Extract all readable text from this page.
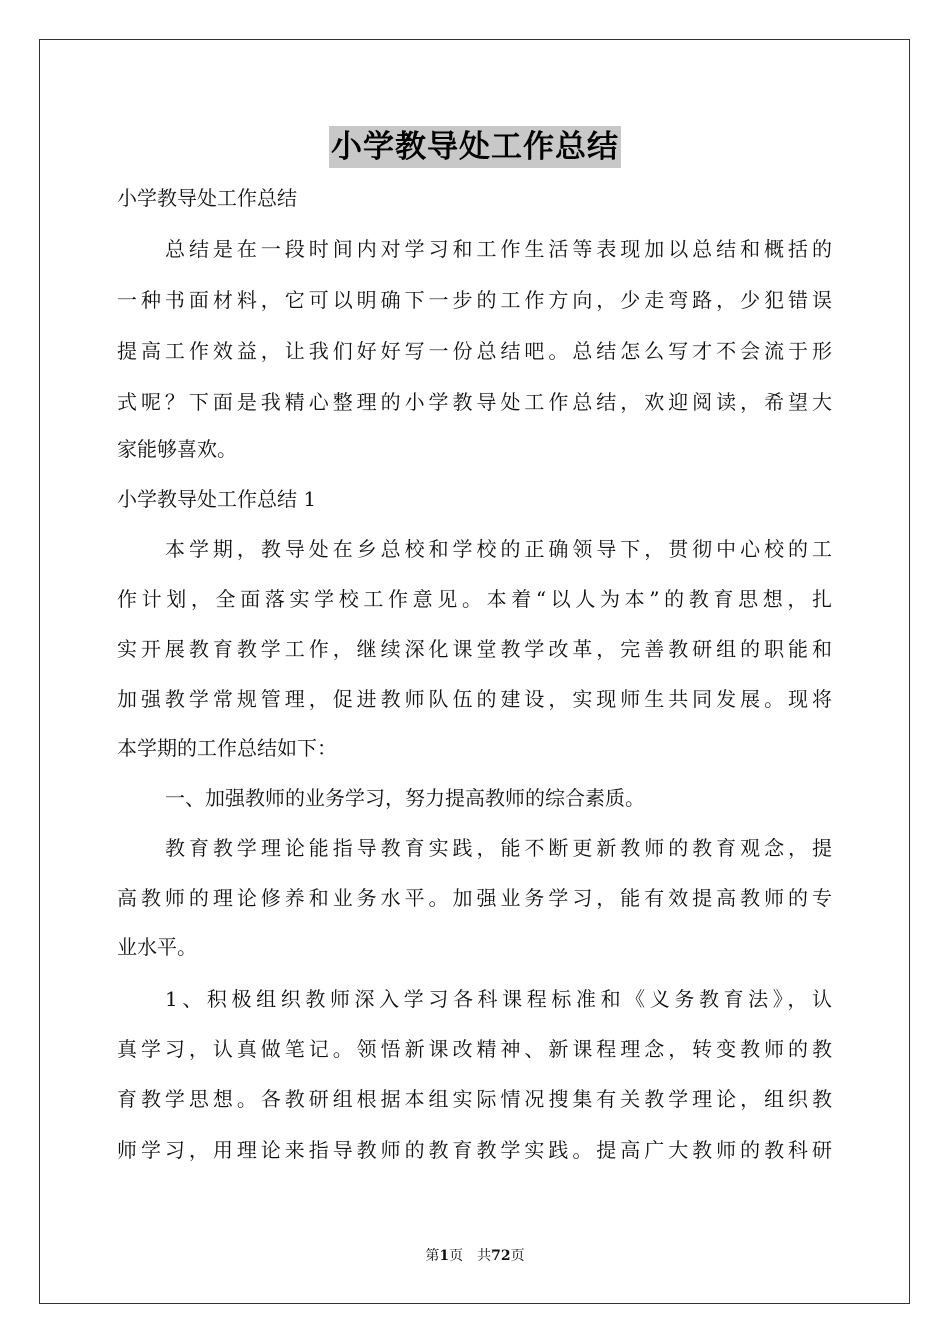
小学教导处工作总结
小学教导处工作总结
总结是在一段时间内对学习和工作生活等表现加以总结和概括的
一种书面材料，它可以明确下一步的工作方向，少走弯路，少犯错误
提高工作效益，让我们好好写一份总结吧。总结怎么写才不会流于形
式呢？下面是我精心整理的小学教导处工作总结，欢迎阅读，希望大
家能够喜欢。
小学教导处工作总结 1
本学期，教导处在乡总校和学校的正确领导下，贯彻中心校的工
作计划，全面落实学校工作意见。本着“以人为本”的教育思想，扎
实开展教育教学工作，继续深化课堂教学改革，完善教研组的职能和
加强教学常规管理，促进教师队伍的建设，实现师生共同发展。现将
本学期的工作总结如下：
一、加强教师的业务学习，努力提高教师的综合素质。
教育教学理论能指导教育实践，能不断更新教师的教育观念，提
高教师的理论修养和业务水平。加强业务学习，能有效提高教师的专
业水平。
1、积极组织教师深入学习各科课程标准和《义务教育法》，认
真学习，认真做笔记。领悟新课改精神、新课程理念，转变教师的教
育教学思想。各教研组根据本组实际情况搜集有关教学理论，组织教
师学习，用理论来指导教师的教育教学实践。提高广大教师的教科研
第1页　共72页
